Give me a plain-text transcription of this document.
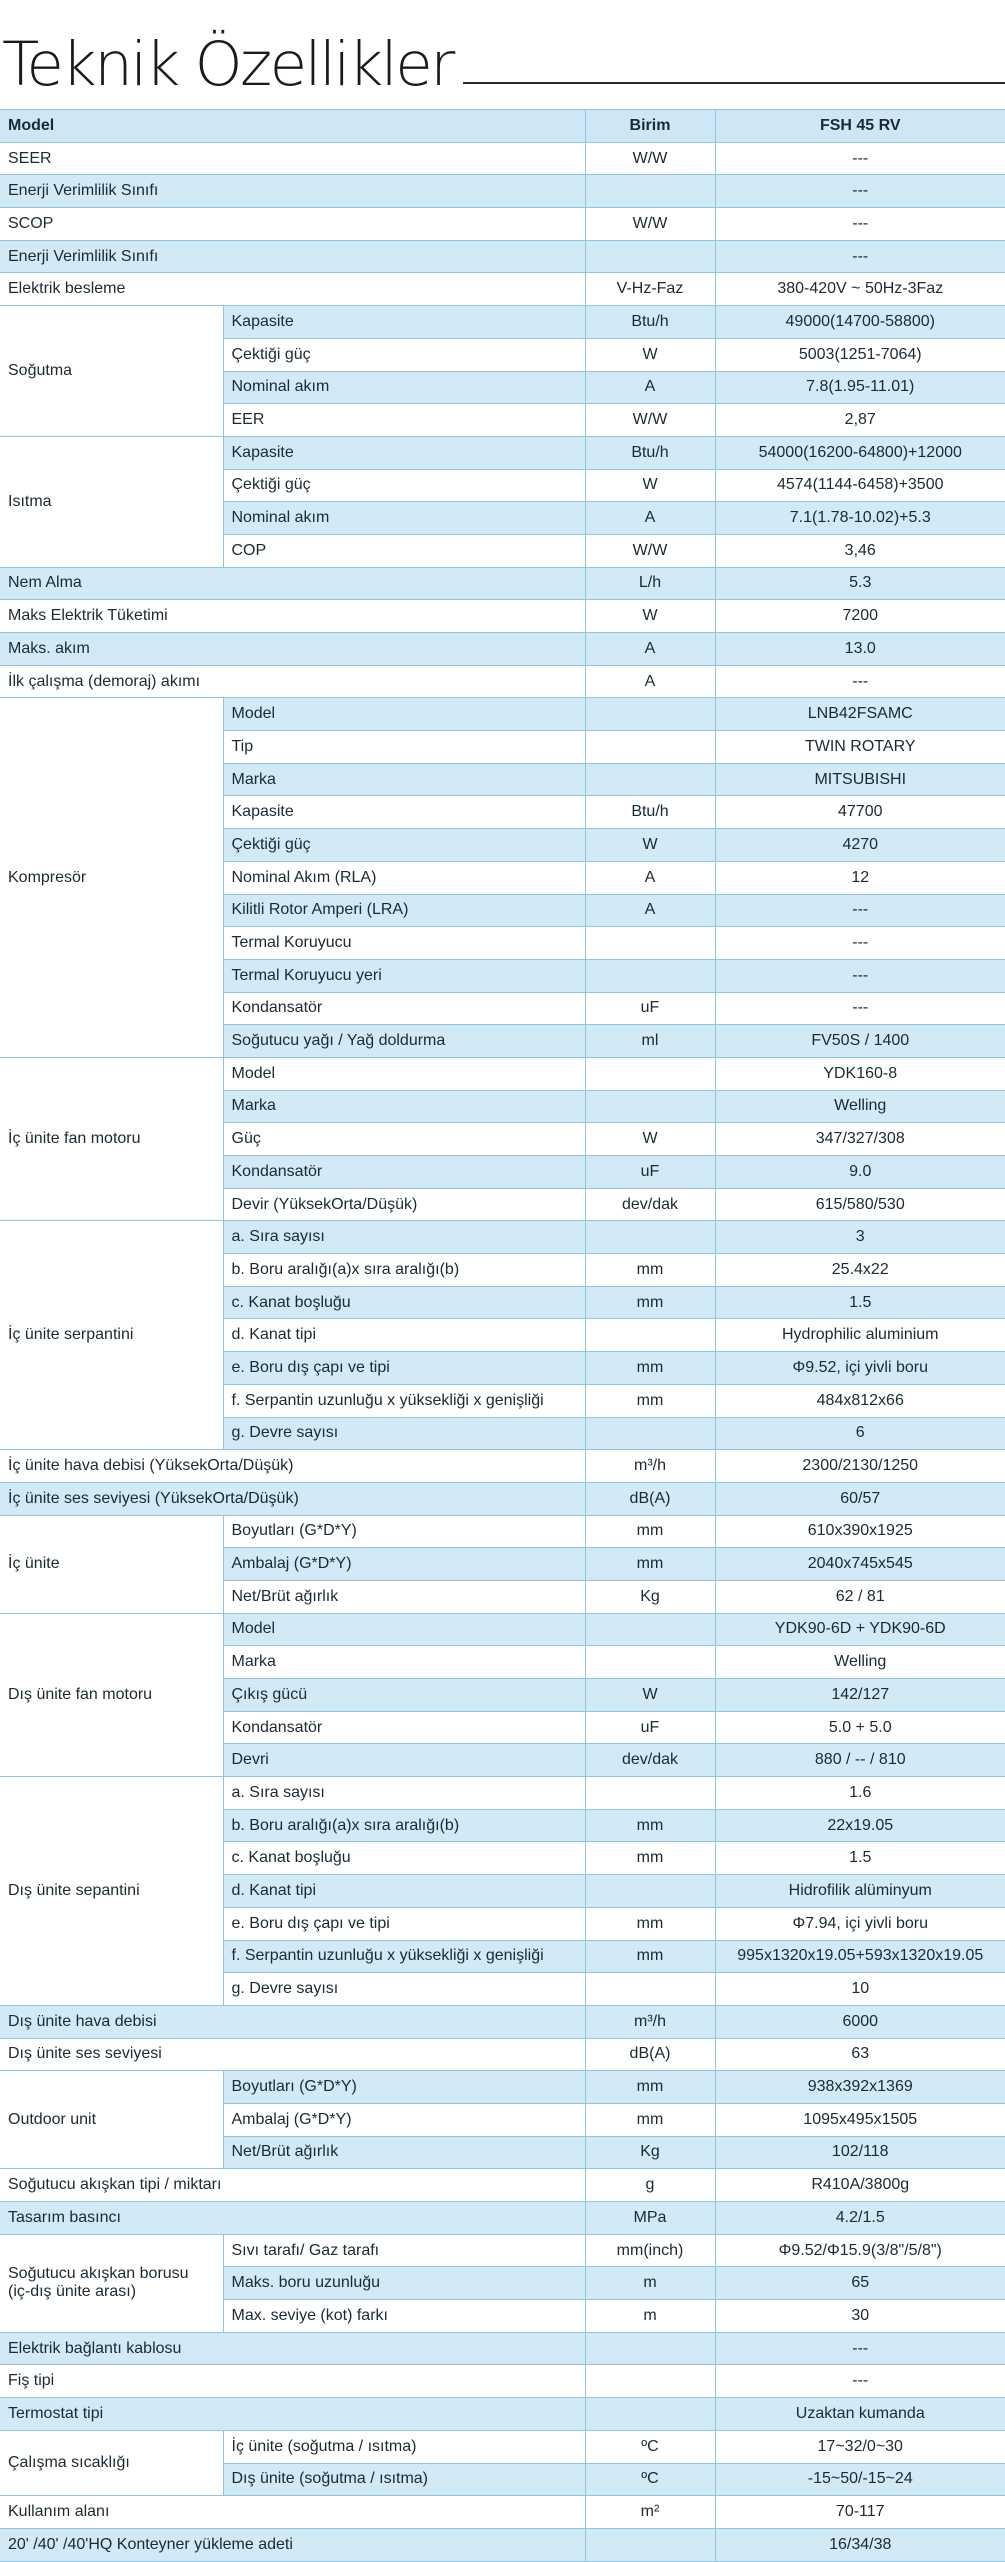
Teknik Özellikler
Model		Birim	FSH 45 RV
SEER		W/W	---
Enerji Verimlilik Sınıfı			---
SCOP		W/W	---
Enerji Verimlilik Sınıfı			---
Elektrik besleme		V-Hz-Faz	380-420V ~ 50Hz-3Faz
Soğutma	Kapasite	Btu/h	49000(14700-58800)
	Çektiği güç	W	5003(1251-7064)
	Nominal akım	A	7.8(1.95-11.01)
	EER	W/W	2,87
Isıtma	Kapasite	Btu/h	54000(16200-64800)+12000
	Çektiği güç	W	4574(1144-6458)+3500
	Nominal akım	A	7.1(1.78-10.02)+5.3
	COP	W/W	3,46
Nem Alma		L/h	5.3
Maks Elektrik Tüketimi		W	7200
Maks. akım		A	13.0
İlk çalışma (demoraj) akımı		A	---
Kompresör	Model		LNB42FSAMC
	Tip		TWIN ROTARY
	Marka		MITSUBISHI
	Kapasite	Btu/h	47700
	Çektiği güç	W	4270
	Nominal Akım (RLA)	A	12
	Kilitli Rotor Amperi (LRA)	A	---
	Termal Koruyucu		---
	Termal Koruyucu yeri		---
	Kondansatör	uF	---
	Soğutucu yağı / Yağ doldurma	ml	FV50S / 1400
İç ünite fan motoru	Model		YDK160-8
	Marka		Welling
	Güç	W	347/327/308
	Kondansatör	uF	9.0
	Devir (YüksekOrta/Düşük)	dev/dak	615/580/530
İç ünite serpantini	a. Sıra sayısı		3
	b. Boru aralığı(a)x sıra aralığı(b)	mm	25.4x22
	c. Kanat boşluğu	mm	1.5
	d. Kanat tipi		Hydrophilic aluminium
	e. Boru dış çapı ve tipi	mm	Φ9.52, içi yivli boru
	f. Serpantin uzunluğu x yüksekliği x genişliği	mm	484x812x66
	g. Devre sayısı		6
İç ünite hava debisi (YüksekOrta/Düşük)		m³/h	2300/2130/1250
İç ünite ses seviyesi (YüksekOrta/Düşük)		dB(A)	60/57
İç ünite	Boyutları (G*D*Y)	mm	610x390x1925
	Ambalaj (G*D*Y)	mm	2040x745x545
	Net/Brüt ağırlık	Kg	62 / 81
Dış ünite fan motoru	Model		YDK90-6D + YDK90-6D
	Marka		Welling
	Çıkış gücü	W	142/127
	Kondansatör	uF	5.0 + 5.0
	Devri	dev/dak	880 / -- / 810
Dış ünite sepantini	a. Sıra sayısı		1.6
	b. Boru aralığı(a)x sıra aralığı(b)	mm	22x19.05
	c. Kanat boşluğu	mm	1.5
	d. Kanat tipi		Hidrofilik alüminyum
	e. Boru dış çapı ve tipi	mm	Φ7.94, içi yivli boru
	f. Serpantin uzunluğu x yüksekliği x genişliği	mm	995x1320x19.05+593x1320x19.05
	g. Devre sayısı		10
Dış ünite hava debisi		m³/h	6000
Dış ünite ses seviyesi		dB(A)	63
Outdoor unit	Boyutları (G*D*Y)	mm	938x392x1369
	Ambalaj (G*D*Y)	mm	1095x495x1505
	Net/Brüt ağırlık	Kg	102/118
Soğutucu akışkan tipi / miktarı		g	R410A/3800g
Tasarım basıncı		MPa	4.2/1.5
Soğutucu akışkan borusu
(iç-dış ünite arası)	Sıvı tarafı/ Gaz tarafı	mm(inch)	Φ9.52/Φ15.9(3/8"/5/8")
	Maks. boru uzunluğu	m	65
	Max. seviye (kot) farkı	m	30
Elektrik bağlantı kablosu			---
Fiş tipi			---
Termostat tipi			Uzaktan kumanda
Çalışma sıcaklığı	İç ünite (soğutma / ısıtma)	ºC	17~32/0~30
	Dış ünite (soğutma / ısıtma)	ºC	-15~50/-15~24
Kullanım alanı		m²	70-117
20' /40' /40'HQ Konteyner yükleme adeti			16/34/38
